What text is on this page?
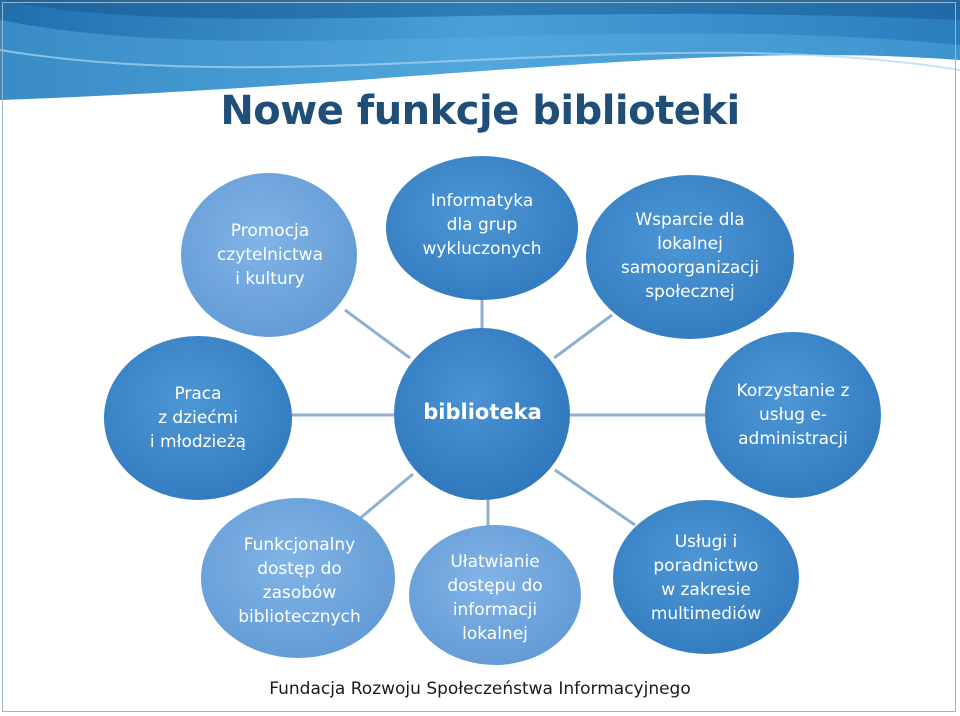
Nowe funkcje biblioteki
Promocja
czytelnictwa
i kultury
Informatyka
dla grup
wykluczonych
Wsparcie dla
lokalnej
samoorganizacji
społecznej
Korzystanie z
usług e-
administracji
Usługi i
poradnictwo
w zakresie
multimediów
Ułatwianie
dostępu do
informacji
lokalnej
Funkcjonalny
dostęp do
zasobów
bibliotecznych
Praca
z dziećmi
i młodzieżą
biblioteka
Fundacja Rozwoju Społeczeństwa Informacyjnego
